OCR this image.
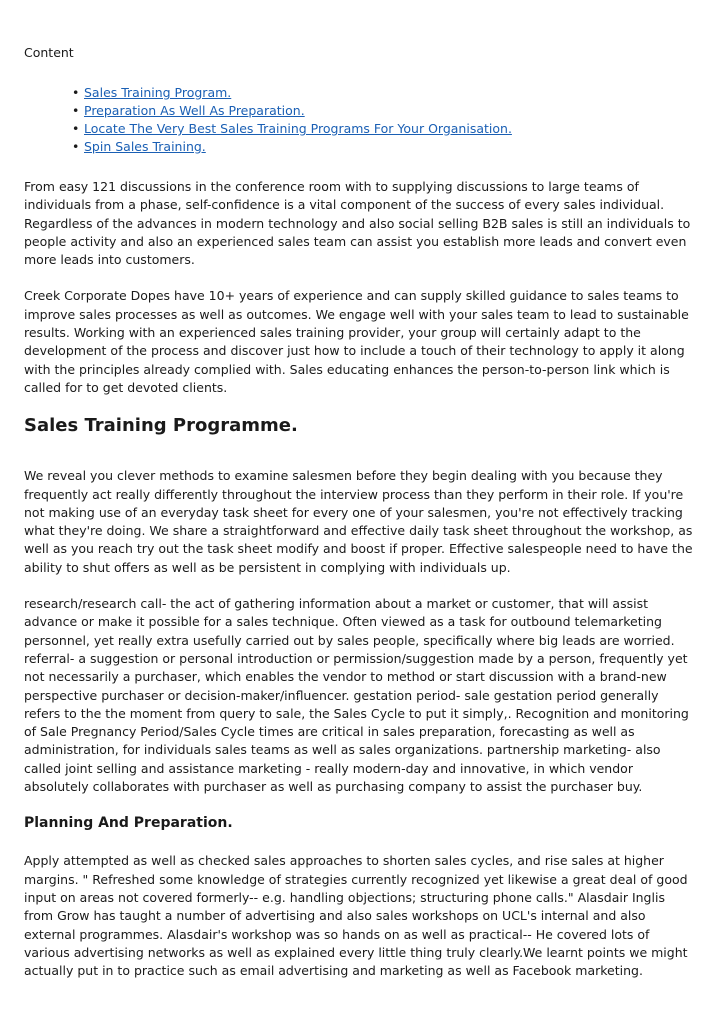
Content
• Sales Training Program.
• Preparation As Well As Preparation.
• Locate The Very Best Sales Training Programs For Your Organisation.
• Spin Sales Training.

From easy 121 discussions in the conference room with to supplying discussions to large teams of individuals from a phase, self-confidence is a vital component of the success of every sales individual. Regardless of the advances in modern technology and also social selling B2B sales is still an individuals to people activity and also an experienced sales team can assist you establish more leads and convert even more leads into customers.

Creek Corporate Dopes have 10+ years of experience and can supply skilled guidance to sales teams to improve sales processes as well as outcomes. We engage well with your sales team to lead to sustainable results. Working with an experienced sales training provider, your group will certainly adapt to the development of the process and discover just how to include a touch of their technology to apply it along with the principles already complied with. Sales educating enhances the person-to-person link which is called for to get devoted clients.

Sales Training Programme.

We reveal you clever methods to examine salesmen before they begin dealing with you because they frequently act really differently throughout the interview process than they perform in their role. If you're not making use of an everyday task sheet for every one of your salesmen, you're not effectively tracking what they're doing. We share a straightforward and effective daily task sheet throughout the workshop, as well as you reach try out the task sheet modify and boost if proper. Effective salespeople need to have the ability to shut offers as well as be persistent in complying with individuals up.

research/research call- the act of gathering information about a market or customer, that will assist advance or make it possible for a sales technique. Often viewed as a task for outbound telemarketing personnel, yet really extra usefully carried out by sales people, specifically where big leads are worried. referral- a suggestion or personal introduction or permission/suggestion made by a person, frequently yet not necessarily a purchaser, which enables the vendor to method or start discussion with a brand-new perspective purchaser or decision-maker/influencer. gestation period- sale gestation period generally refers to the the moment from query to sale, the Sales Cycle to put it simply,. Recognition and monitoring of Sale Pregnancy Period/Sales Cycle times are critical in sales preparation, forecasting as well as administration, for individuals sales teams as well as sales organizations. partnership marketing- also called joint selling and assistance marketing - really modern-day and innovative, in which vendor absolutely collaborates with purchaser as well as purchasing company to assist the purchaser buy.

Planning And Preparation.

Apply attempted as well as checked sales approaches to shorten sales cycles, and rise sales at higher margins. " Refreshed some knowledge of strategies currently recognized yet likewise a great deal of good input on areas not covered formerly-- e.g. handling objections; structuring phone calls." Alasdair Inglis from Grow has taught a number of advertising and also sales workshops on UCL's internal and also external programmes. Alasdair's workshop was so hands on as well as practical-- He covered lots of various advertising networks as well as explained every little thing truly clearly.We learnt points we might actually put in to practice such as email advertising and marketing as well as Facebook marketing.
